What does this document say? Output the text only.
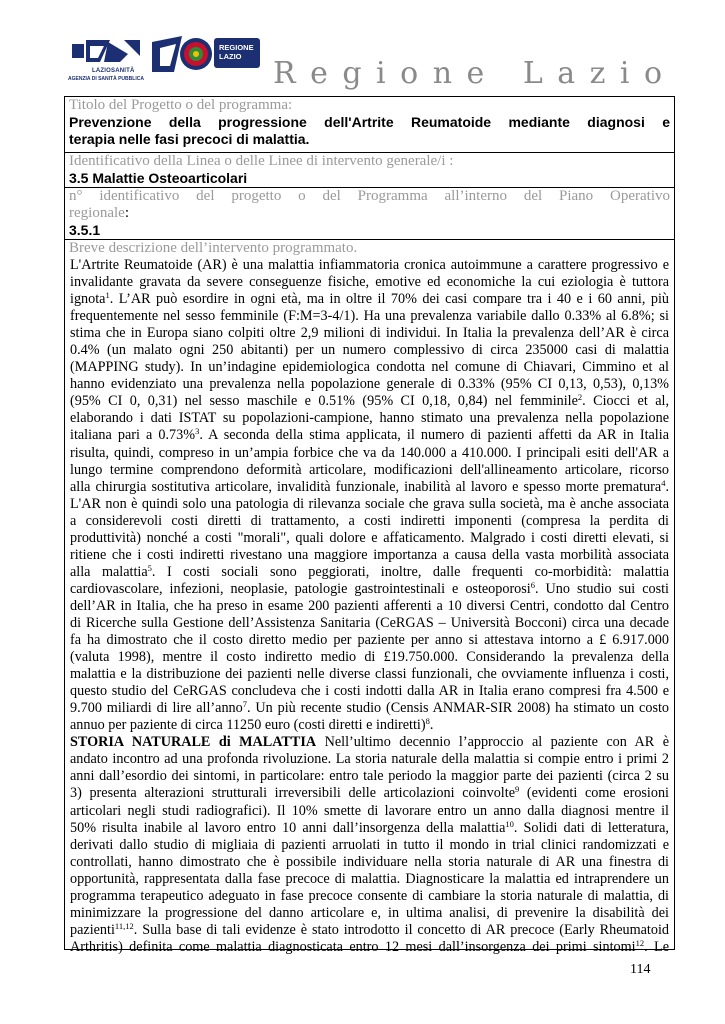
LAZIOSANITÀ
AGENZIA DI SANITÀ PUBBLICA
REGIONE
LAZIO	Regione Lazio
Titolo del Progetto o del programma:
Prevenzione della progressione dell'Artrite Reumatoide mediante diagnosi e
terapia nelle fasi precoci di malattia.
Identificativo della Linea o delle Linee di intervento generale/i :
3.5 Malattie Osteoarticolari
n° identificativo del progetto o del Programma all’interno del Piano Operativo
regionale:
3.5.1
Breve descrizione dell’intervento programmato.
L'Artrite Reumatoide (AR) è una malattia infiammatoria cronica autoimmune a carattere progressivo e
invalidante gravata da severe conseguenze fisiche, emotive ed economiche la cui eziologia è tuttora
ignota$^1$. L’AR può esordire in ogni età, ma in oltre il 70% dei casi compare tra i 40 e i 60 anni, più
frequentemente nel sesso femminile (F:M=3-4/1). Ha una prevalenza variabile dallo 0.33% al 6.8%; si
stima che in Europa siano colpiti oltre 2,9 milioni di individui. In Italia la prevalenza dell’AR è circa
0.4% (un malato ogni 250 abitanti) per un numero complessivo di circa 235000 casi di malattia
(MAPPING study). In un’indagine epidemiologica condotta nel comune di Chiavari, Cimmino et al
hanno evidenziato una prevalenza nella popolazione generale di 0.33% (95% CI 0,13, 0,53), 0,13%
(95% CI 0, 0,31) nel sesso maschile e 0.51% (95% CI 0,18, 0,84) nel femminile$^2$. Ciocci et al,
elaborando i dati ISTAT su popolazioni-campione, hanno stimato una prevalenza nella popolazione
italiana pari a 0.73%$^3$. A seconda della stima applicata, il numero di pazienti affetti da AR in Italia
risulta, quindi, compreso in un’ampia forbice che va da 140.000 a 410.000. I principali esiti dell'AR a
lungo termine comprendono deformità articolare, modificazioni dell'allineamento articolare, ricorso
alla chirurgia sostitutiva articolare, invalidità funzionale, inabilità al lavoro e spesso morte prematura$^4$.
L'AR non è quindi solo una patologia di rilevanza sociale che grava sulla società, ma è anche associata
a considerevoli costi diretti di trattamento, a costi indiretti imponenti (compresa la perdita di
produttività) nonché a costi "morali", quali dolore e affaticamento. Malgrado i costi diretti elevati, si
ritiene che i costi indiretti rivestano una maggiore importanza a causa della vasta morbilità associata
alla malattia$^5$. I costi sociali sono peggiorati, inoltre, dalle frequenti co-morbidità: malattia
cardiovascolare, infezioni, neoplasie, patologie gastrointestinali e osteoporosi$^6$. Uno studio sui costi
dell’AR in Italia, che ha preso in esame 200 pazienti afferenti a 10 diversi Centri, condotto dal Centro
di Ricerche sulla Gestione dell’Assistenza Sanitaria (CeRGAS – Università Bocconi) circa una decade
fa ha dimostrato che il costo diretto medio per paziente per anno si attestava intorno a £ 6.917.000
(valuta 1998), mentre il costo indiretto medio di £19.750.000. Considerando la prevalenza della
malattia e la distribuzione dei pazienti nelle diverse classi funzionali, che ovviamente influenza i costi,
questo studio del CeRGAS concludeva che i costi indotti dalla AR in Italia erano compresi fra 4.500 e
9.700 miliardi di lire all’anno$^7$. Un più recente studio (Censis ANMAR-SIR 2008) ha stimato un costo
annuo per paziente di circa 11250 euro (costi diretti e indiretti)$^8$.
STORIA NATURALE di MALATTIA Nell’ultimo decennio l’approccio al paziente con AR è
andato incontro ad una profonda rivoluzione. La storia naturale della malattia si compie entro i primi 2
anni dall’esordio dei sintomi, in particolare: entro tale periodo la maggior parte dei pazienti (circa 2 su
3) presenta alterazioni strutturali irreversibili delle articolazioni coinvolte$^9$ (evidenti come erosioni
articolari negli studi radiografici). Il 10% smette di lavorare entro un anno dalla diagnosi mentre il
50% risulta inabile al lavoro entro 10 anni dall’insorgenza della malattia$^{10}$. Solidi dati di letteratura,
derivati dallo studio di migliaia di pazienti arruolati in tutto il mondo in trial clinici randomizzati e
controllati, hanno dimostrato che è possibile individuare nella storia naturale di AR una finestra di
opportunità, rappresentata dalla fase precoce di malattia. Diagnosticare la malattia ed intraprendere un
programma terapeutico adeguato in fase precoce consente di cambiare la storia naturale di malattia, di
minimizzare la progressione del danno articolare e, in ultima analisi, di prevenire la disabilità dei
pazienti$^{11,12}$. Sulla base di tali evidenze è stato introdotto il concetto di AR precoce (Early Rheumatoid
Arthritis) definita come malattia diagnosticata entro 12 mesi dall’insorgenza dei primi sintomi$^{12}$. Le
114
